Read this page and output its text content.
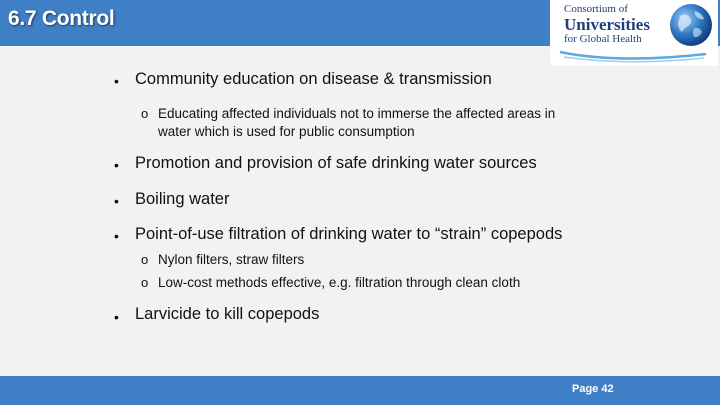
6.7 Control	Consortium of
Universities
for Global Health
• Community education on disease & transmission
o Educating affected individuals not to immerse the affected areas in
water which is used for public consumption
• Promotion and provision of safe drinking water sources
• Boiling water
• Point-of-use filtration of drinking water to “strain” copepods
o Nylon filters, straw filters
o Low-cost methods effective, e.g. filtration through clean cloth
• Larvicide to kill copepods
Page 42
